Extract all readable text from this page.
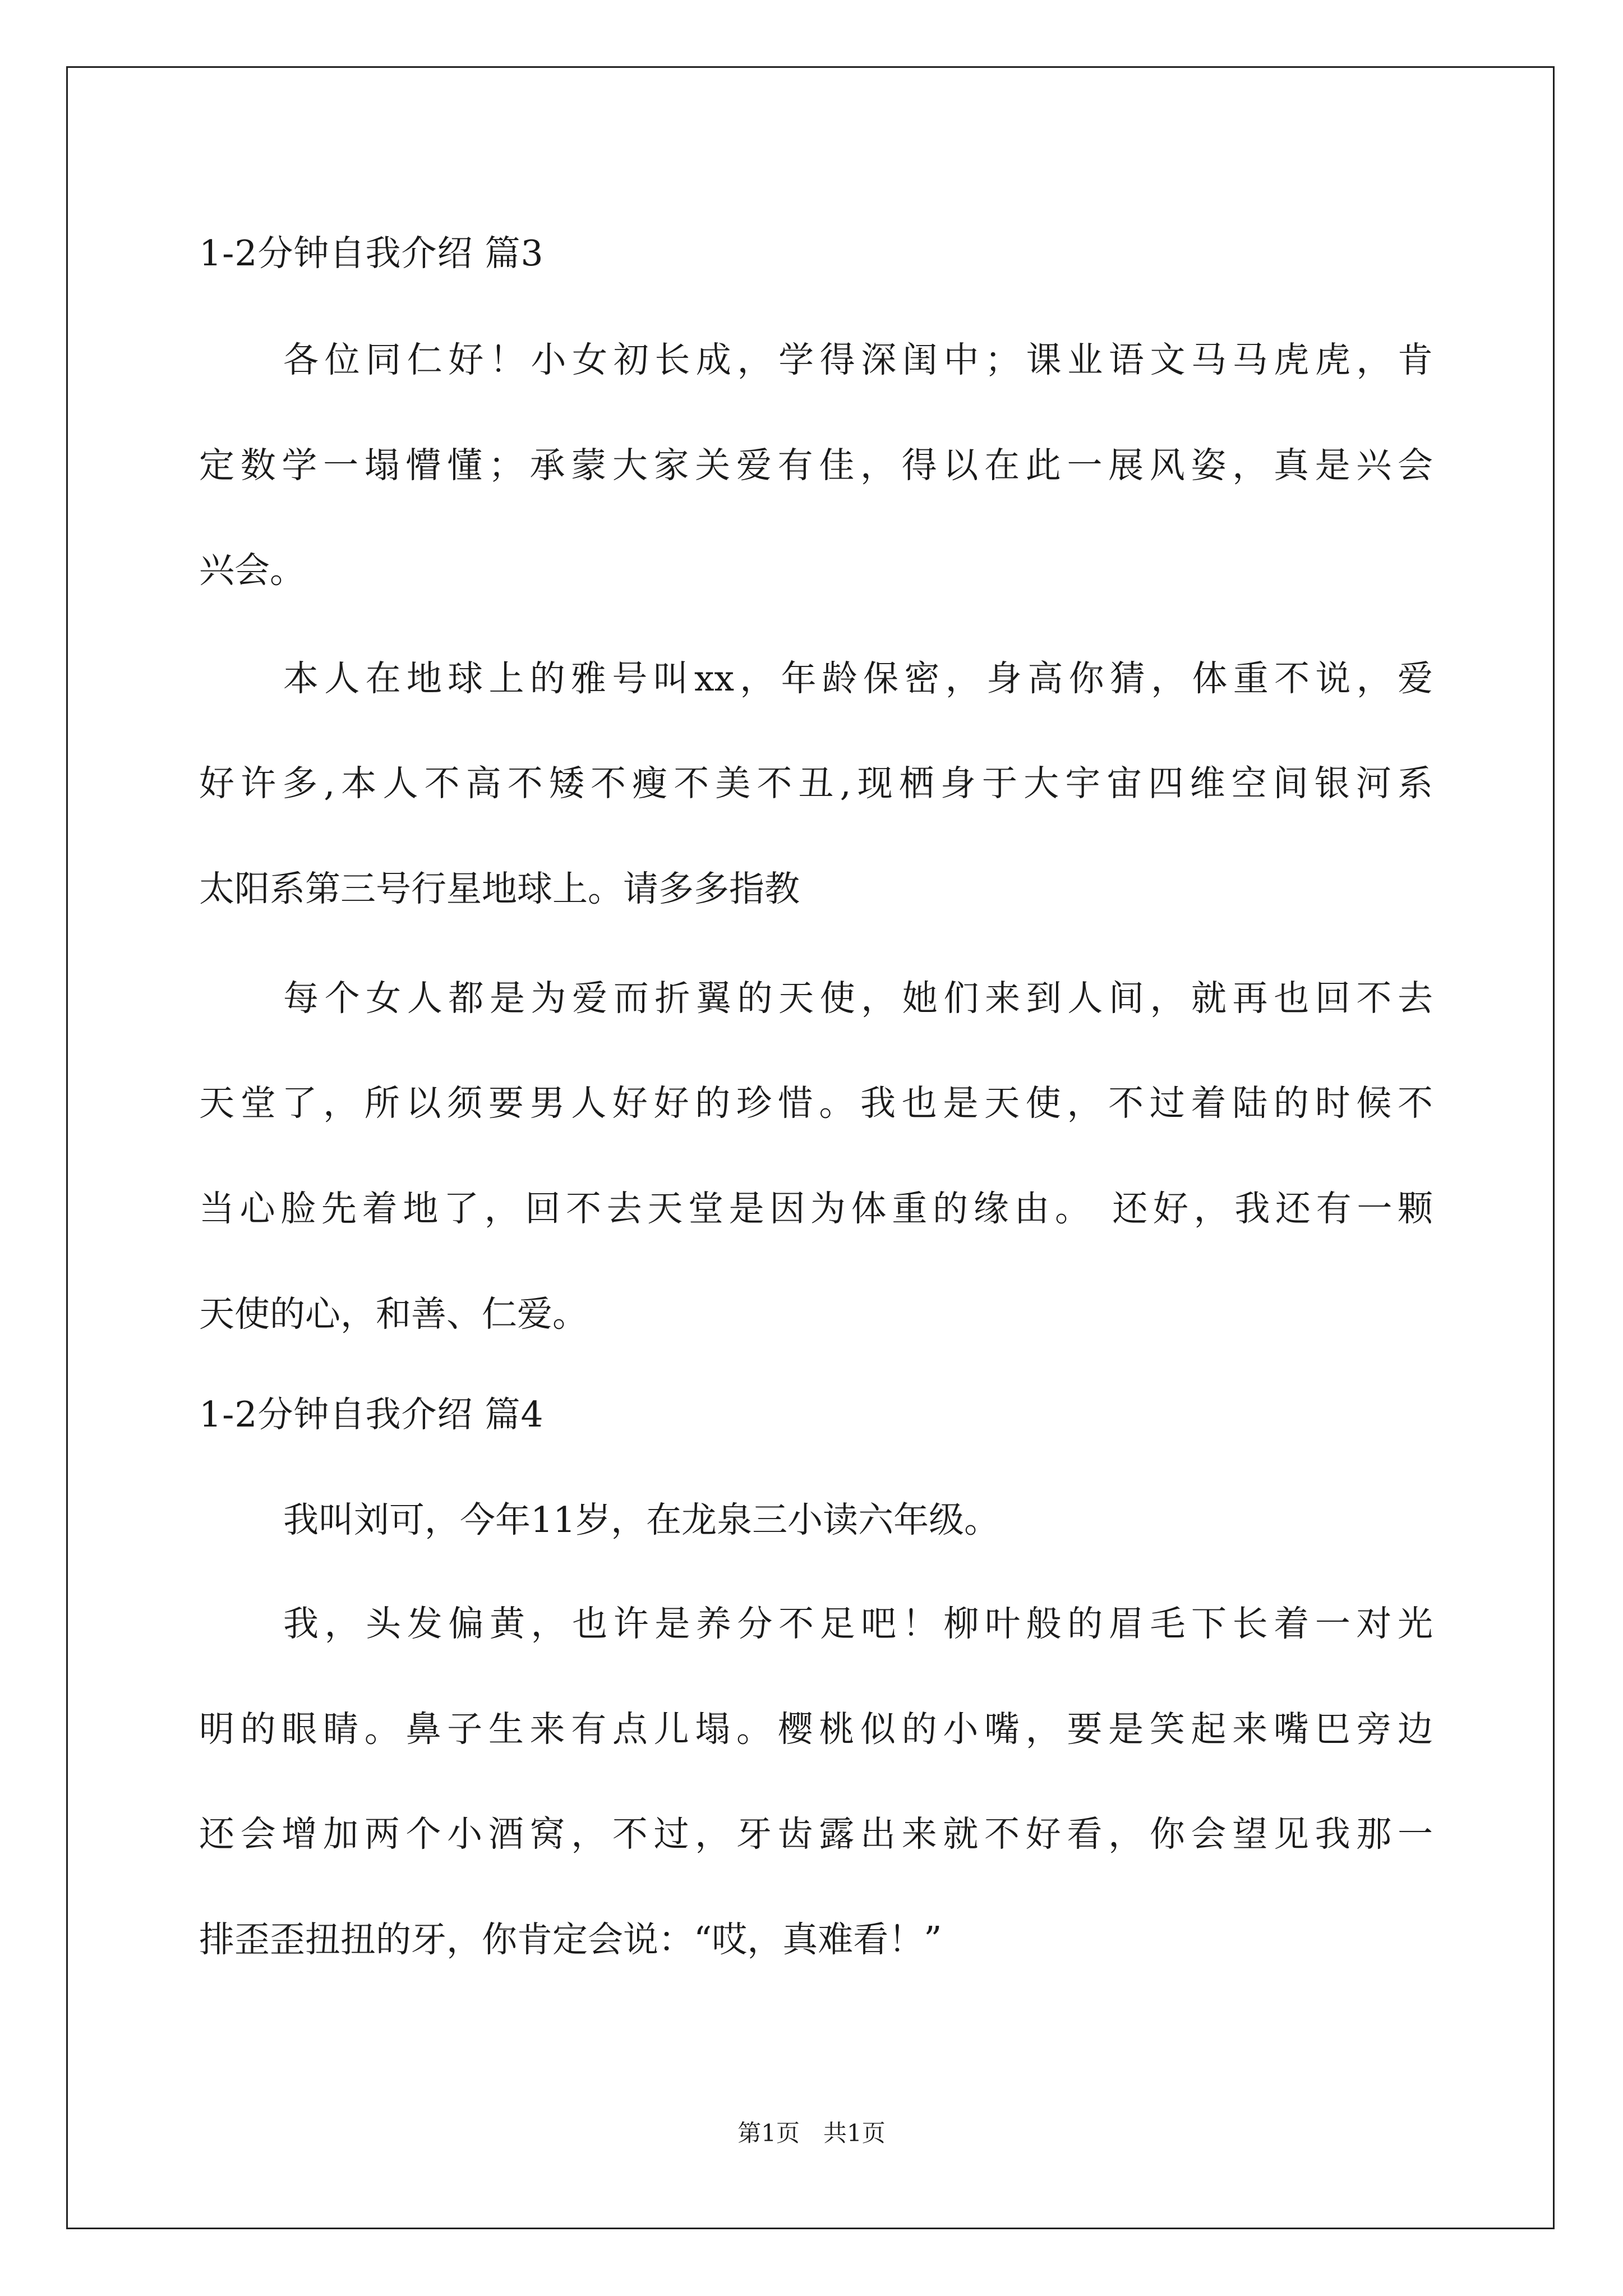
1-2分钟自我介绍 篇3
各位同仁好！小女初长成，学得深闺中；课业语文马马虎虎，肯
定数学一塌懵懂；承蒙大家关爱有佳，得以在此一展风姿，真是兴会
兴会。
本人在地球上的雅号叫xx，年龄保密，身高你猜，体重不说，爱
好许多,本人不高不矮不瘦不美不丑,现栖身于大宇宙四维空间银河系
太阳系第三号行星地球上。请多多指教
每个女人都是为爱而折翼的天使，她们来到人间，就再也回不去
天堂了，所以须要男人好好的珍惜。我也是天使，不过着陆的时候不
当心脸先着地了，回不去天堂是因为体重的缘由。 还好，我还有一颗
天使的心，和善、仁爱。
1-2分钟自我介绍 篇4
我叫刘可，今年11岁，在龙泉三小读六年级。
我，头发偏黄，也许是养分不足吧！柳叶般的眉毛下长着一对光
明的眼睛。鼻子生来有点儿塌。樱桃似的小嘴，要是笑起来嘴巴旁边
还会增加两个小酒窝，不过，牙齿露出来就不好看，你会望见我那一
排歪歪扭扭的牙，你肯定会说：“哎，真难看！”
第1页　共1页
